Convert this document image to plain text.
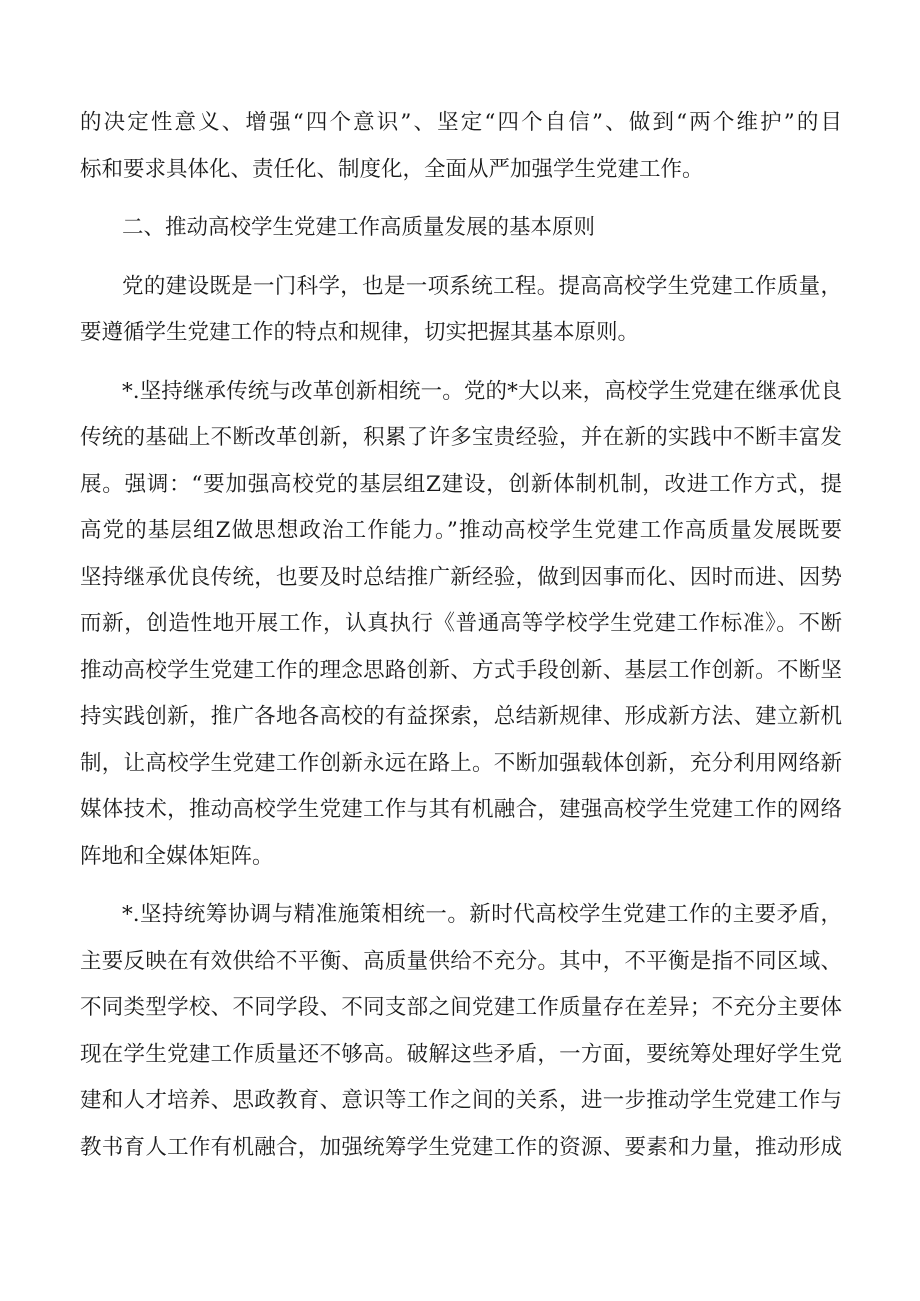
的决定性意义、增强“四个意识”、坚定“四个自信”、做到“两个维护”的目
标和要求具体化、责任化、制度化，全面从严加强学生党建工作。
二、推动高校学生党建工作高质量发展的基本原则
党的建设既是一门科学，也是一项系统工程。提高高校学生党建工作质量，
要遵循学生党建工作的特点和规律，切实把握其基本原则。
*.坚持继承传统与改革创新相统一。党的*大以来，高校学生党建在继承优良
传统的基础上不断改革创新，积累了许多宝贵经验，并在新的实践中不断丰富发
展。强调：“要加强高校党的基层组Z建设，创新体制机制，改进工作方式，提
高党的基层组Z做思想政治工作能力。”推动高校学生党建工作高质量发展既要
坚持继承优良传统，也要及时总结推广新经验，做到因事而化、因时而进、因势
而新，创造性地开展工作，认真执行《普通高等学校学生党建工作标准》。不断
推动高校学生党建工作的理念思路创新、方式手段创新、基层工作创新。不断坚
持实践创新，推广各地各高校的有益探索，总结新规律、形成新方法、建立新机
制，让高校学生党建工作创新永远在路上。不断加强载体创新，充分利用网络新
媒体技术，推动高校学生党建工作与其有机融合，建强高校学生党建工作的网络
阵地和全媒体矩阵。
*.坚持统筹协调与精准施策相统一。新时代高校学生党建工作的主要矛盾，
主要反映在有效供给不平衡、高质量供给不充分。其中，不平衡是指不同区域、
不同类型学校、不同学段、不同支部之间党建工作质量存在差异；不充分主要体
现在学生党建工作质量还不够高。破解这些矛盾，一方面，要统筹处理好学生党
建和人才培养、思政教育、意识等工作之间的关系，进一步推动学生党建工作与
教书育人工作有机融合，加强统筹学生党建工作的资源、要素和力量，推动形成
